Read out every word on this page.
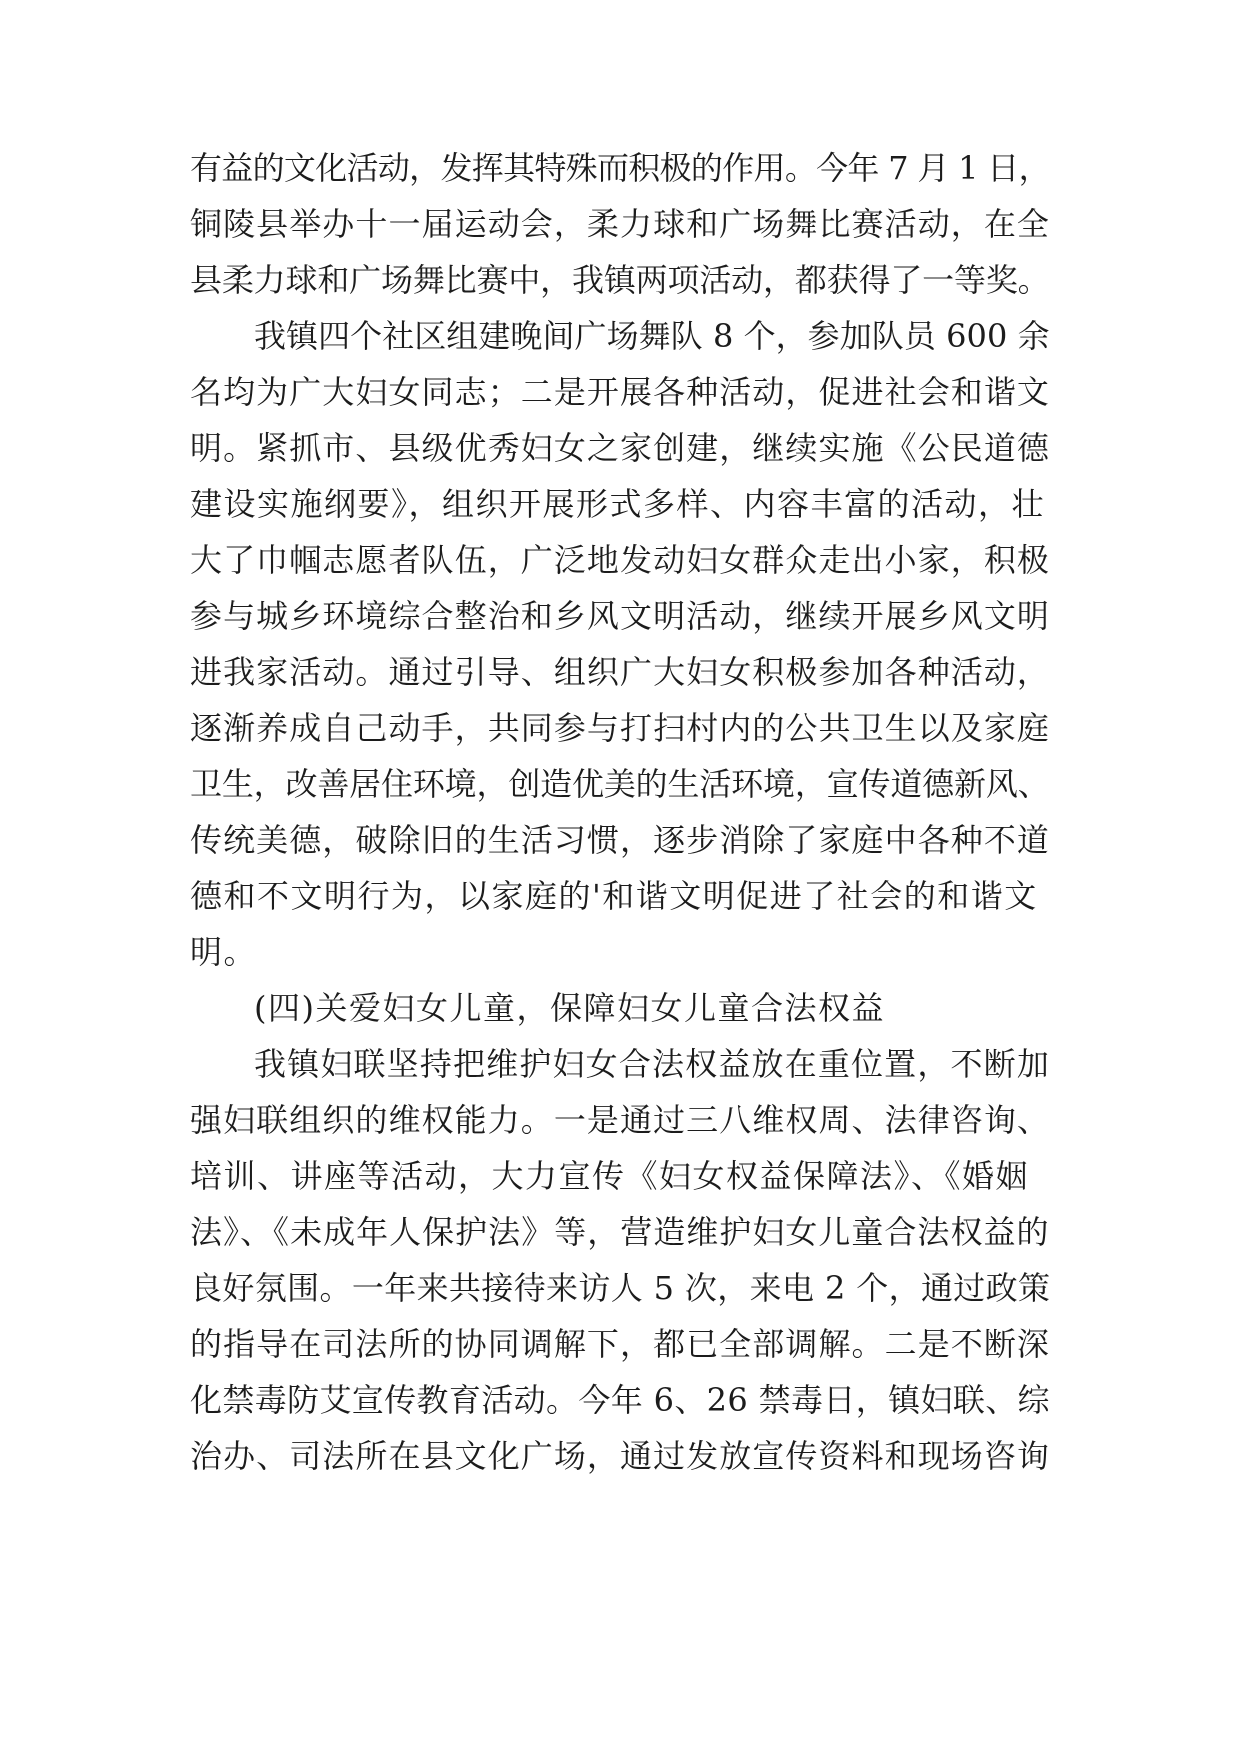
有益的文化活动，发挥其特殊而积极的作用。今年 7 月 1 日，
铜陵县举办十一届运动会，柔力球和广场舞比赛活动，在全
县柔力球和广场舞比赛中，我镇两项活动，都获得了一等奖。
我镇四个社区组建晚间广场舞队 8 个，参加队员 600 余
名均为广大妇女同志；二是开展各种活动，促进社会和谐文
明。紧抓市、县级优秀妇女之家创建，继续实施《公民道德
建设实施纲要》，组织开展形式多样、内容丰富的活动，壮
大了巾帼志愿者队伍，广泛地发动妇女群众走出小家，积极
参与城乡环境综合整治和乡风文明活动，继续开展乡风文明
进我家活动。通过引导、组织广大妇女积极参加各种活动，
逐渐养成自己动手，共同参与打扫村内的公共卫生以及家庭
卫生，改善居住环境，创造优美的生活环境，宣传道德新风、
传统美德，破除旧的生活习惯，逐步消除了家庭中各种不道
德和不文明行为，以家庭的'和谐文明促进了社会的和谐文
明。
(四)关爱妇女儿童，保障妇女儿童合法权益
我镇妇联坚持把维护妇女合法权益放在重位置，不断加
强妇联组织的维权能力。一是通过三八维权周、法律咨询、
培训、讲座等活动，大力宣传《妇女权益保障法》、《婚姻
法》、《未成年人保护法》等，营造维护妇女儿童合法权益的
良好氛围。一年来共接待来访人 5 次，来电 2 个，通过政策
的指导在司法所的协同调解下，都已全部调解。二是不断深
化禁毒防艾宣传教育活动。今年 6、26 禁毒日，镇妇联、综
治办、司法所在县文化广场，通过发放宣传资料和现场咨询
